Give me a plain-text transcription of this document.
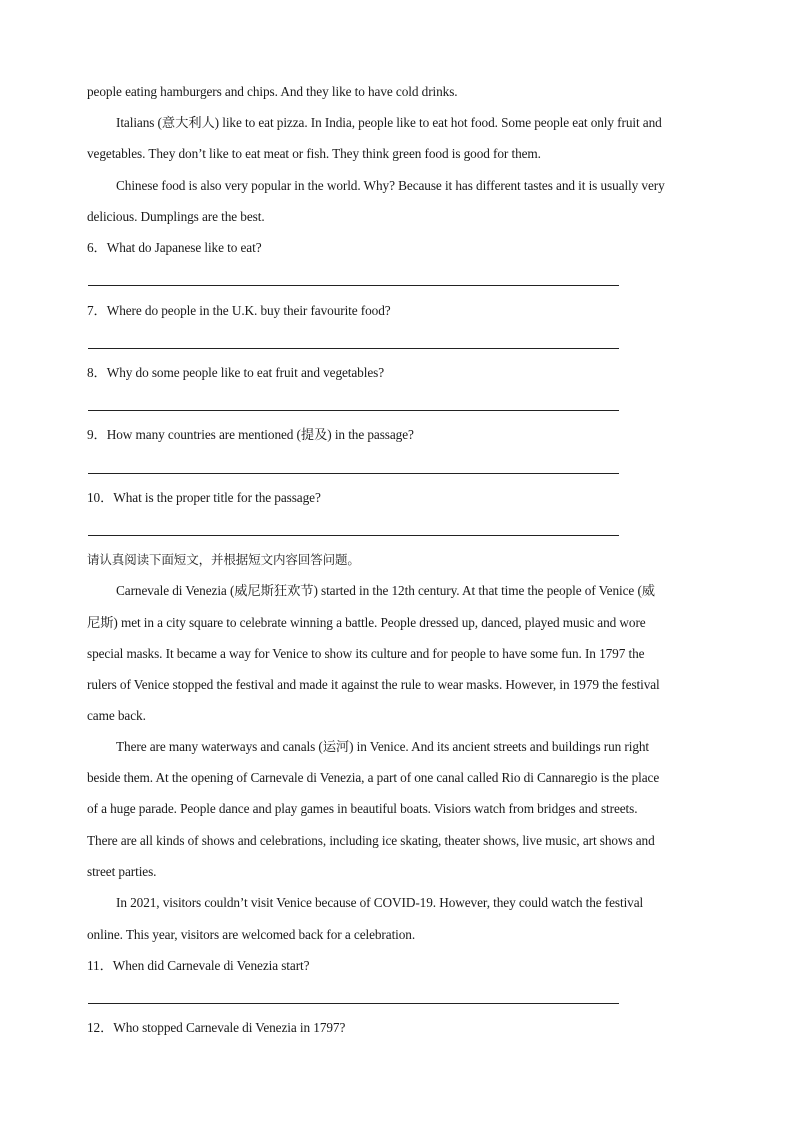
people eating hamburgers and chips. And they like to have cold drinks.
Italians (意大利人) like to eat pizza. In India, people like to eat hot food. Some people eat only fruit and
vegetables. They don’t like to eat meat or fish. They think green food is good for them.
Chinese food is also very popular in the world. Why? Because it has different tastes and it is usually very
delicious. Dumplings are the best.
6．What do Japanese like to eat?
7．Where do people in the U.K. buy their favourite food?
8．Why do some people like to eat fruit and vegetables?
9．How many countries are mentioned (提及) in the passage?
10．What is the proper title for the passage?
请认真阅读下面短文，并根据短文内容回答问题。
Carnevale di Venezia (威尼斯狂欢节) started in the 12th century. At that time the people of Venice (威
尼斯) met in a city square to celebrate winning a battle. People dressed up, danced, played music and wore
special masks. It became a way for Venice to show its culture and for people to have some fun. In 1797 the
rulers of Venice stopped the festival and made it against the rule to wear masks. However, in 1979 the festival
came back.
There are many waterways and canals (运河) in Venice. And its ancient streets and buildings run right
beside them. At the opening of Carnevale di Venezia, a part of one canal called Rio di Cannaregio is the place
of a huge parade. People dance and play games in beautiful boats. Visiors watch from bridges and streets.
There are all kinds of shows and celebrations, including ice skating, theater shows, live music, art shows and
street parties.
In 2021, visitors couldn’t visit Venice because of COVID-19. However, they could watch the festival
online. This year, visitors are welcomed back for a celebration.
11．When did Carnevale di Venezia start?
12．Who stopped Carnevale di Venezia in 1797?
